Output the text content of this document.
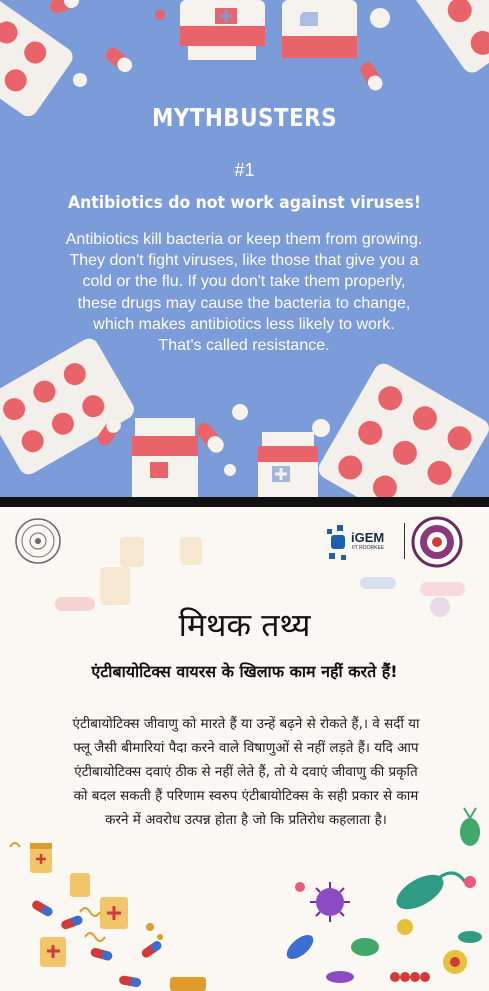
MYTHBUSTERS
#1
Antibiotics do not work against viruses!
Antibiotics kill bacteria or keep them from growing.
They don't fight viruses, like those that give you a
cold or the flu. If you don't take them properly,
these drugs may cause the bacteria to change,
which makes antibiotics less likely to work.
That's called resistance.
iGEM
IIT ROORKEE
मिथक तथ्य
एंटीबायोटिक्स वायरस के खिलाफ काम नहीं करते हैं!
एंटीबायोटिक्स जीवाणु को मारते हैं या उन्हें बढ़ने से रोकते हैं,। वे सर्दी या
फ्लू जैसी बीमारियां पैदा करने वाले विषाणुओं से नहीं लड़ते हैं। यदि आप
एंटीबायोटिक्स दवाएं ठीक से नहीं लेते हैं, तो ये दवाएं जीवाणु की प्रकृति
को बदल सकती हैं परिणाम स्वरुप एंटीबायोटिक्स के सही प्रकार से काम
करने में अवरोध उत्पन्न होता है जो कि प्रतिरोध कहलाता है।
